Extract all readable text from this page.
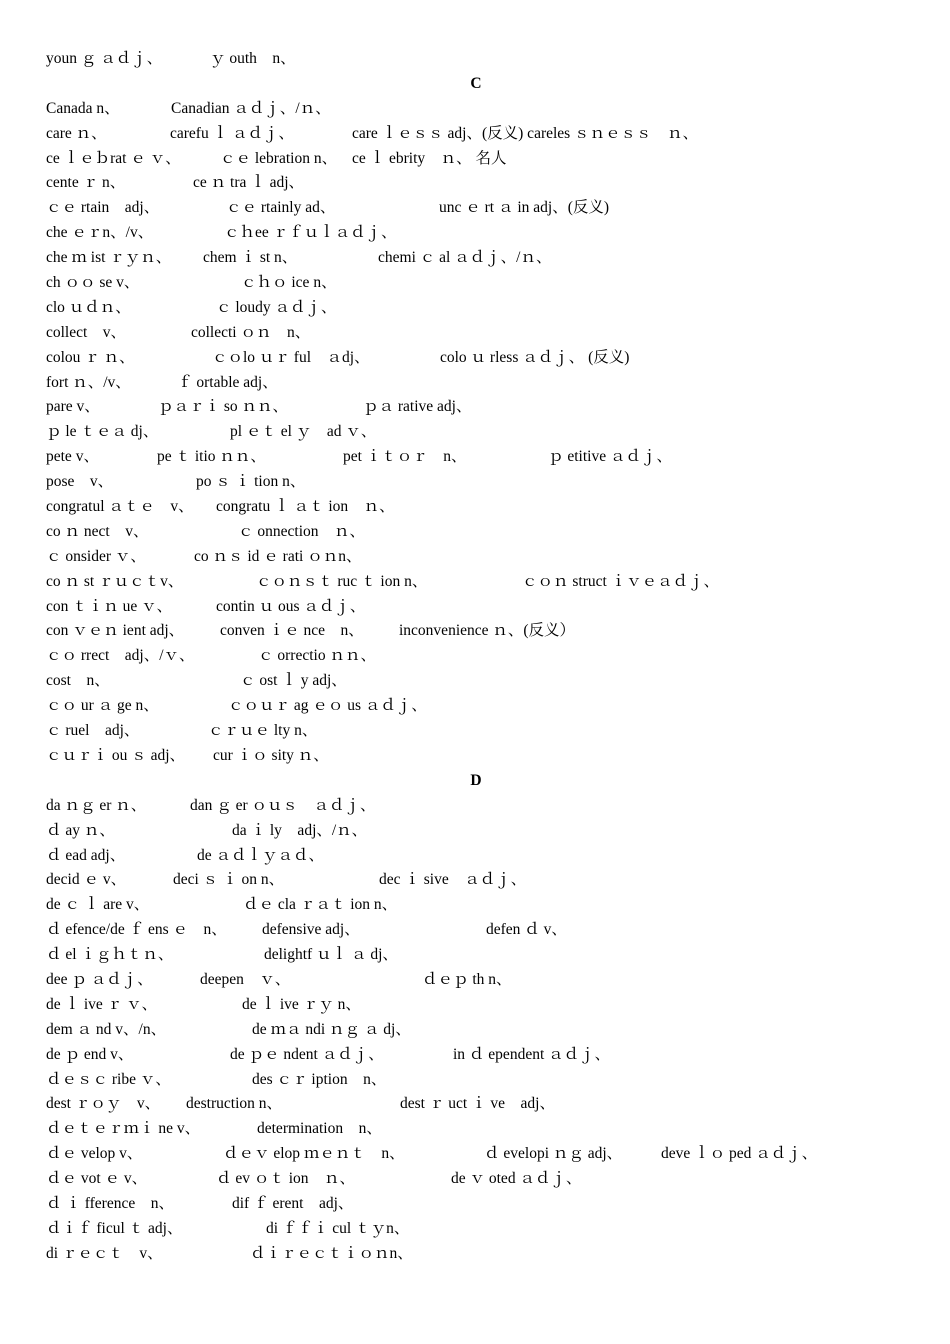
youn ｇ ａｄｊ、	ｙ outh　n、
C
Canada n、	Canadian ａｄｊ、/ｎ、
care ｎ、	carefu ｌ ａｄｊ、	care ｌｅｓｓ adj、(反义) careles ｓｎｅｓｓ　ｎ、
ce ｌｅｂrat ｅ ｖ、	ｃｅ lebration n、 ce ｌ ebrity　ｎ、 名人
cente ｒ n、	ce ｎ tra ｌ adj、
ｃｅ rtain　adj、	ｃｅ rtainly ad、	unc ｅ rt ａ in adj、(反义)
che ｅｒn、/v、	ｃｈee ｒｆｕｌａｄｊ、
che ｍ ist ｒｙｎ、 chem ｉ st n、	chemi ｃ al ａｄｊ、/ｎ、
ch ｏｏ se v、	ｃｈｏ ice n、
clo ｕｄｎ、	ｃ loudy ａｄｊ、
collect　v、	collecti ｏｎ　n、
colou ｒ ｎ、	ｃｏlo ｕｒ ful　ａdj、	colo ｕ rless ａｄｊ、 (反义)
fort ｎ、/v、	ｆ ortable adj、
pare v、	ｐａｒｉ so ｎｎ、	ｐａ rative adj、
ｐ le ｔｅａ dj、	pl ｅｔ el ｙ　ad ｖ、
pete v、	pe ｔ itio ｎｎ、	pet ｉｔｏｒ　n、	ｐ etitive ａｄｊ、
pose　v、	po ｓ ｉ tion n、
congratul ａｔｅ　v、 congratu ｌ ａｔ ion　ｎ、
co ｎ nect　v、	ｃ onnection　ｎ、
ｃ onsider ｖ、	co ｎｓ id ｅ rati ｏｎn、
co ｎ st ｒｕｃｔv、	ｃｏｎｓｔ ruc ｔ ion n、	ｃｏｎ struct ｉｖｅａｄｊ、
con ｔｉｎ ue ｖ、	contin ｕ ous ａｄｊ、
con ｖｅｎ ient adj、 conven ｉｅ nce　n、 inconvenience ｎ、(反义）
ｃｏ rrect　adj、/ｖ、	ｃ orrectio ｎｎ、
cost　n、	ｃ ost ｌ y adj、
ｃｏ ur ａ ge n、	ｃｏｕｒ ag ｅｏ us ａｄｊ、
ｃ ruel　adj、	ｃｒｕｅ lty n、
ｃｕｒｉ ou ｓ adj、 cur ｉｏ sity ｎ、
D
da ｎｇ er ｎ、	dan ｇ er ｏｕｓ　ａｄｊ、
ｄ ay ｎ、	da ｉ ly　adj、/ｎ、
ｄ ead adj、	de ａｄｌｙａｄ、
decid ｅ v、	deci ｓ ｉ on n、	dec ｉ sive　ａｄｊ、
de ｃ ｌ are v、	ｄｅ cla ｒａｔ ion n、
ｄ efence/de ｆ ens ｅ　n、 defensive adj、	defen ｄ v、
ｄ el ｉｇｈｔｎ、	delightf ｕｌ ａ dj、
dee ｐ ａｄｊ、	deepen　ｖ、	ｄｅｐ th n、
de ｌ ive ｒ ｖ、	de ｌ ive ｒｙ n、
dem ａ nd v、/n、	de ｍａ ndi ｎｇ ａ dj、
de ｐ end v、	de ｐｅ ndent ａｄｊ、	in ｄ ependent ａｄｊ、
ｄｅｓｃ ribe ｖ、	des ｃｒ iption　n、
dest ｒｏｙ　v、 destruction n、	dest ｒ uct ｉ ve　adj、
ｄｅｔｅｒｍｉ ne v、	determination　n、
ｄｅ velop v、	ｄｅｖ elop ｍｅｎｔ　n、	ｄ evelopi ｎｇ adj、	deve ｌｏ ped ａｄｊ、
ｄｅ vot ｅ v、	ｄ ev ｏｔ ion　ｎ、	de ｖ oted ａｄｊ、
ｄ ｉ fference　n、	dif ｆ erent　adj、
ｄｉｆ ficul ｔ adj、	di ｆｆｉ cul ｔｙn、
di ｒｅｃｔ　v、	ｄｉｒｅｃｔｉｏｎn、
